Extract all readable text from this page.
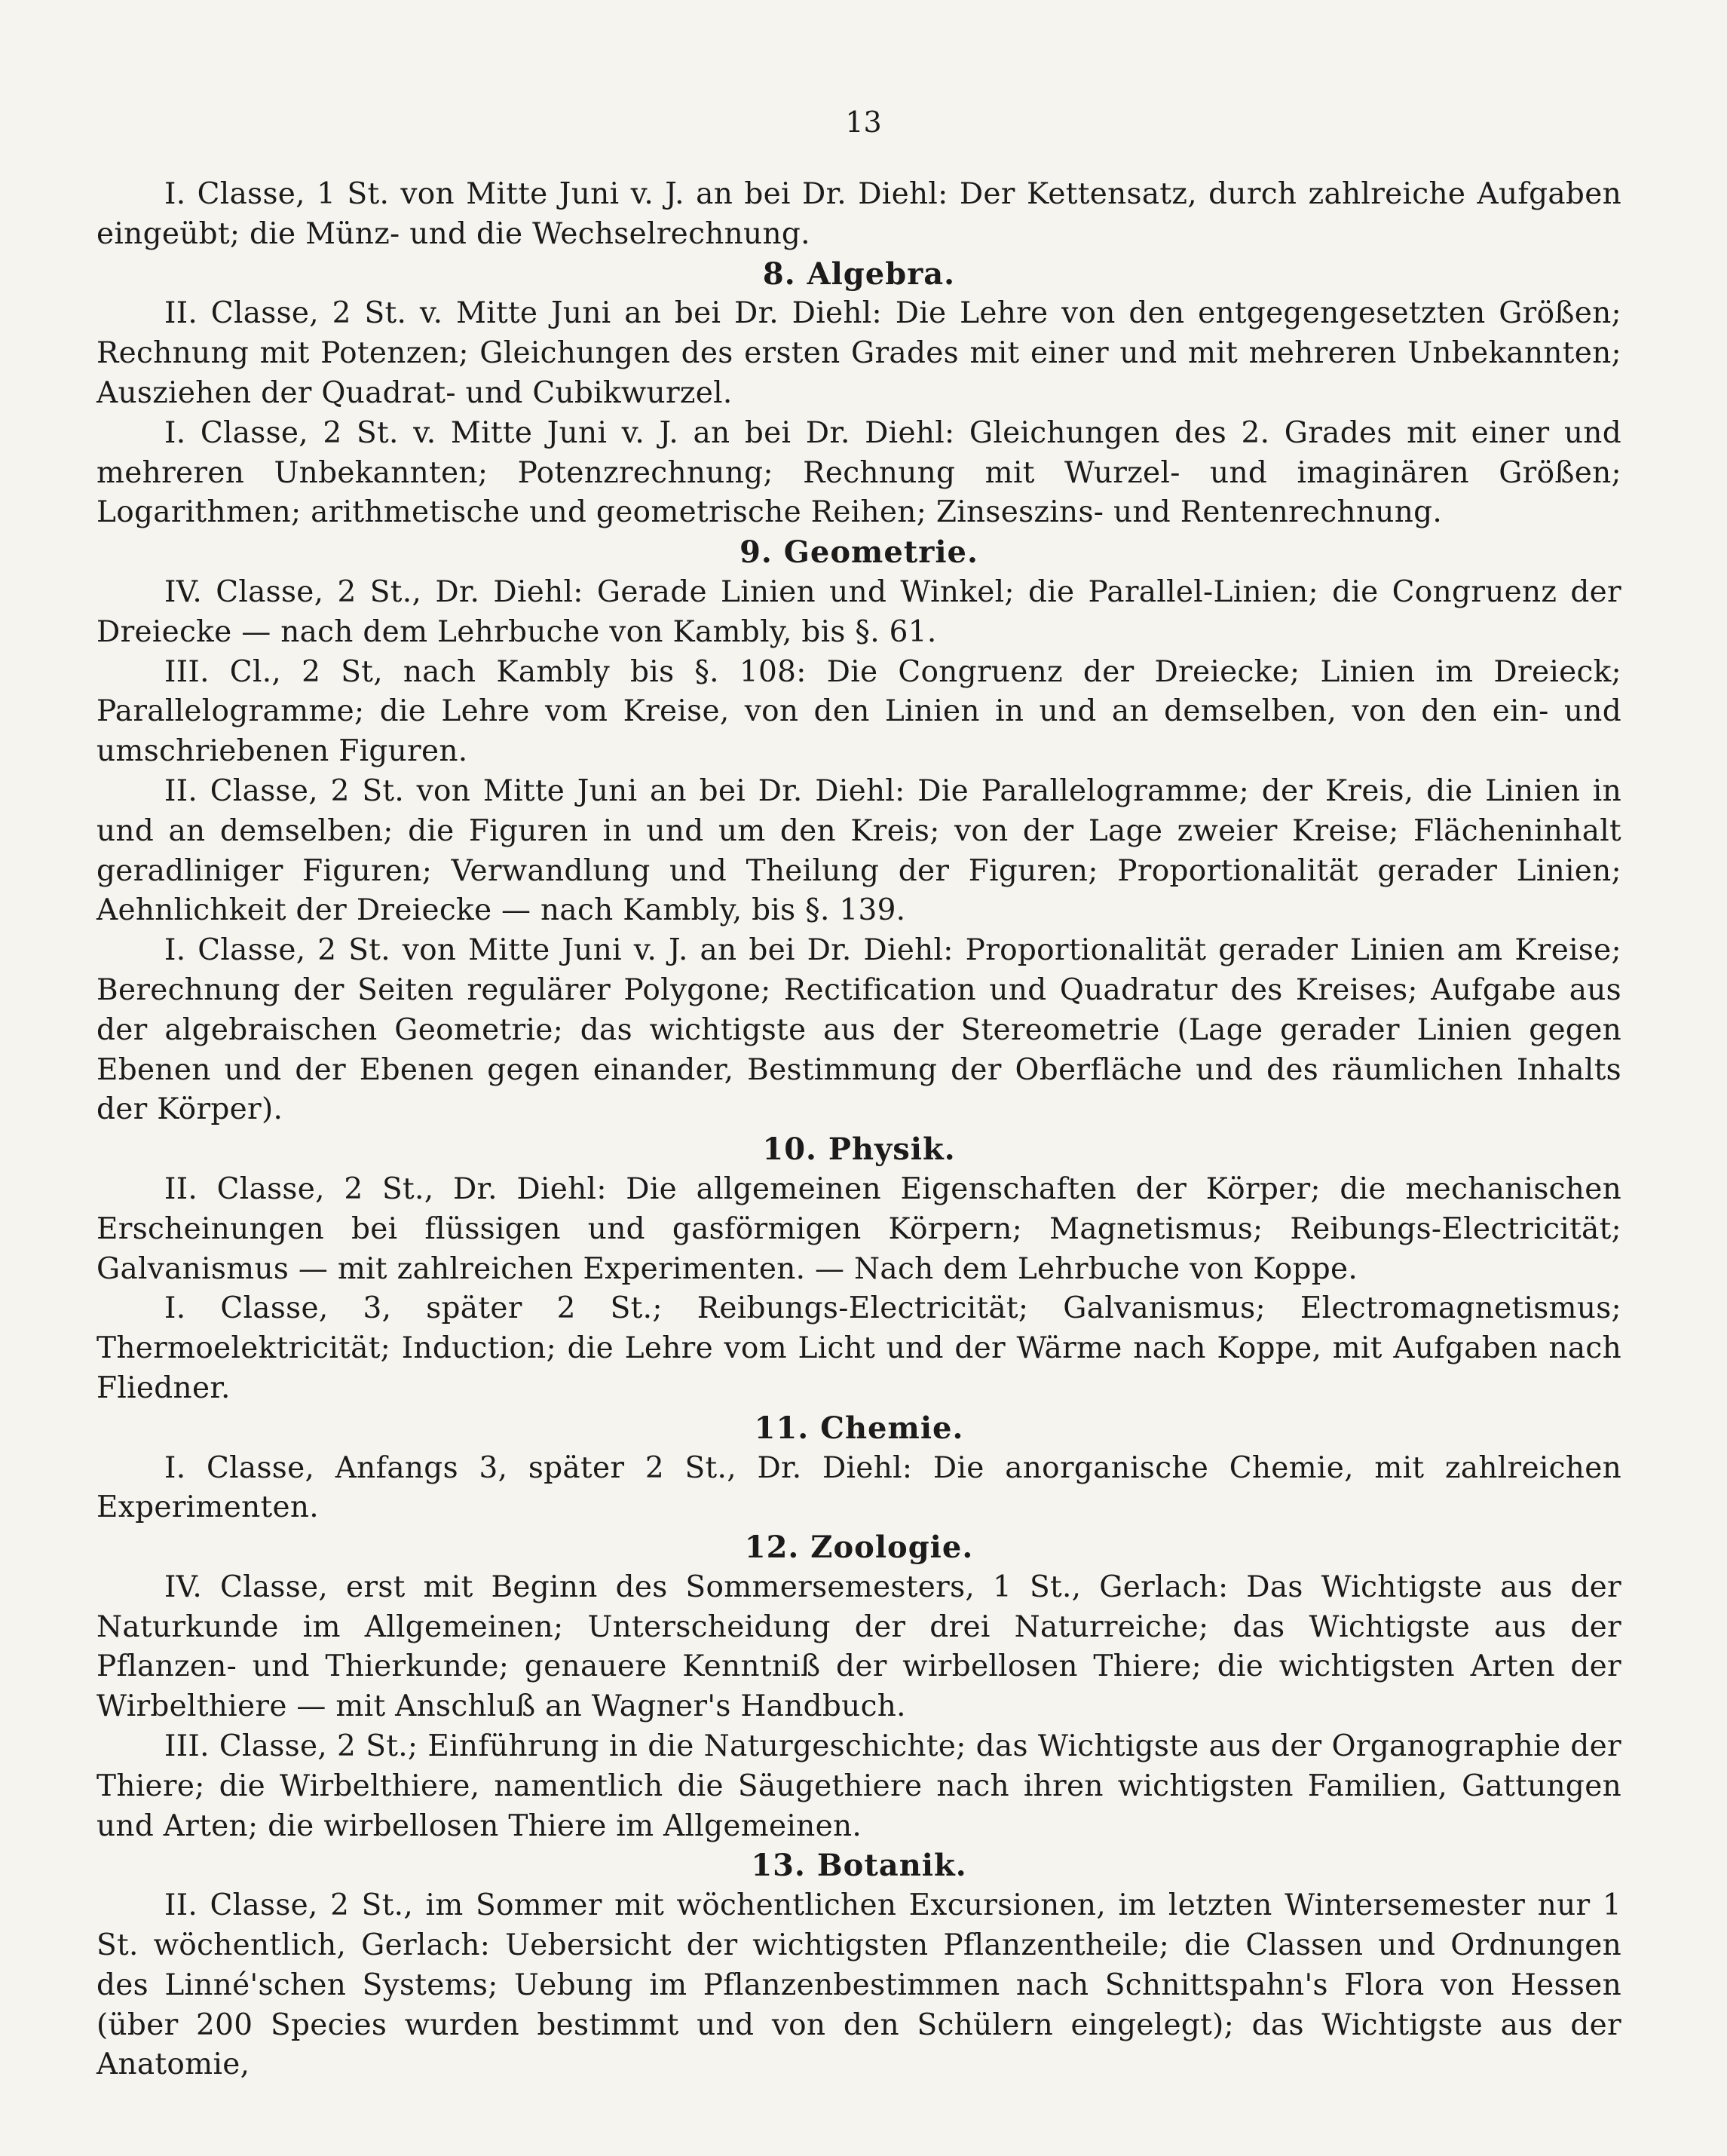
13

I. Classe, 1 St. von Mitte Juni v. J. an bei Dr. Diehl: Der Kettensatz, durch zahlreiche Aufgaben eingeübt; die Münz- und die Wechselrechnung.

8. Algebra.

II. Classe, 2 St. v. Mitte Juni an bei Dr. Diehl: Die Lehre von den entgegengesetzten Größen; Rechnung mit Potenzen; Gleichungen des ersten Grades mit einer und mit mehreren Unbekannten; Ausziehen der Quadrat- und Cubikwurzel.

I. Classe, 2 St. v. Mitte Juni v. J. an bei Dr. Diehl: Gleichungen des 2. Grades mit einer und mehreren Unbekannten; Potenzrechnung; Rechnung mit Wurzel- und imaginären Größen; Logarithmen; arithmetische und geometrische Reihen; Zinseszins- und Rentenrechnung.

9. Geometrie.

IV. Classe, 2 St., Dr. Diehl: Gerade Linien und Winkel; die Parallel-Linien; die Congruenz der Dreiecke — nach dem Lehrbuche von Kambly, bis §. 61.

III. Cl., 2 St, nach Kambly bis §. 108: Die Congruenz der Dreiecke; Linien im Dreieck; Parallelogramme; die Lehre vom Kreise, von den Linien in und an demselben, von den ein- und umschriebenen Figuren.

II. Classe, 2 St. von Mitte Juni an bei Dr. Diehl: Die Parallelogramme; der Kreis, die Linien in und an demselben; die Figuren in und um den Kreis; von der Lage zweier Kreise; Flächeninhalt geradliniger Figuren; Verwandlung und Theilung der Figuren; Proportionalität gerader Linien; Aehnlichkeit der Dreiecke — nach Kambly, bis §. 139.

I. Classe, 2 St. von Mitte Juni v. J. an bei Dr. Diehl: Proportionalität gerader Linien am Kreise; Berechnung der Seiten regulärer Polygone; Rectification und Quadratur des Kreises; Aufgabe aus der algebraischen Geometrie; das wichtigste aus der Stereometrie (Lage gerader Linien gegen Ebenen und der Ebenen gegen einander, Bestimmung der Oberfläche und des räumlichen Inhalts der Körper).

10. Physik.

II. Classe, 2 St., Dr. Diehl: Die allgemeinen Eigenschaften der Körper; die mechanischen Erscheinungen bei flüssigen und gasförmigen Körpern; Magnetismus; Reibungs-Electricität; Galvanismus — mit zahlreichen Experimenten. — Nach dem Lehrbuche von Koppe.

I. Classe, 3, später 2 St.; Reibungs-Electricität; Galvanismus; Electromagnetismus; Thermoelektricität; Induction; die Lehre vom Licht und der Wärme nach Koppe, mit Aufgaben nach Fliedner.

11. Chemie.

I. Classe, Anfangs 3, später 2 St., Dr. Diehl: Die anorganische Chemie, mit zahlreichen Experimenten.

12. Zoologie.

IV. Classe, erst mit Beginn des Sommersemesters, 1 St., Gerlach: Das Wichtigste aus der Naturkunde im Allgemeinen; Unterscheidung der drei Naturreiche; das Wichtigste aus der Pflanzen- und Thierkunde; genauere Kenntniß der wirbellosen Thiere; die wichtigsten Arten der Wirbelthiere — mit Anschluß an Wagner's Handbuch.

III. Classe, 2 St.; Einführung in die Naturgeschichte; das Wichtigste aus der Organographie der Thiere; die Wirbelthiere, namentlich die Säugethiere nach ihren wichtigsten Familien, Gattungen und Arten; die wirbellosen Thiere im Allgemeinen.

13. Botanik.

II. Classe, 2 St., im Sommer mit wöchentlichen Excursionen, im letzten Wintersemester nur 1 St. wöchentlich, Gerlach: Uebersicht der wichtigsten Pflanzentheile; die Classen und Ordnungen des Linné'schen Systems; Uebung im Pflanzenbestimmen nach Schnittspahn's Flora von Hessen (über 200 Species wurden bestimmt und von den Schülern eingelegt); das Wichtigste aus der Anatomie,
